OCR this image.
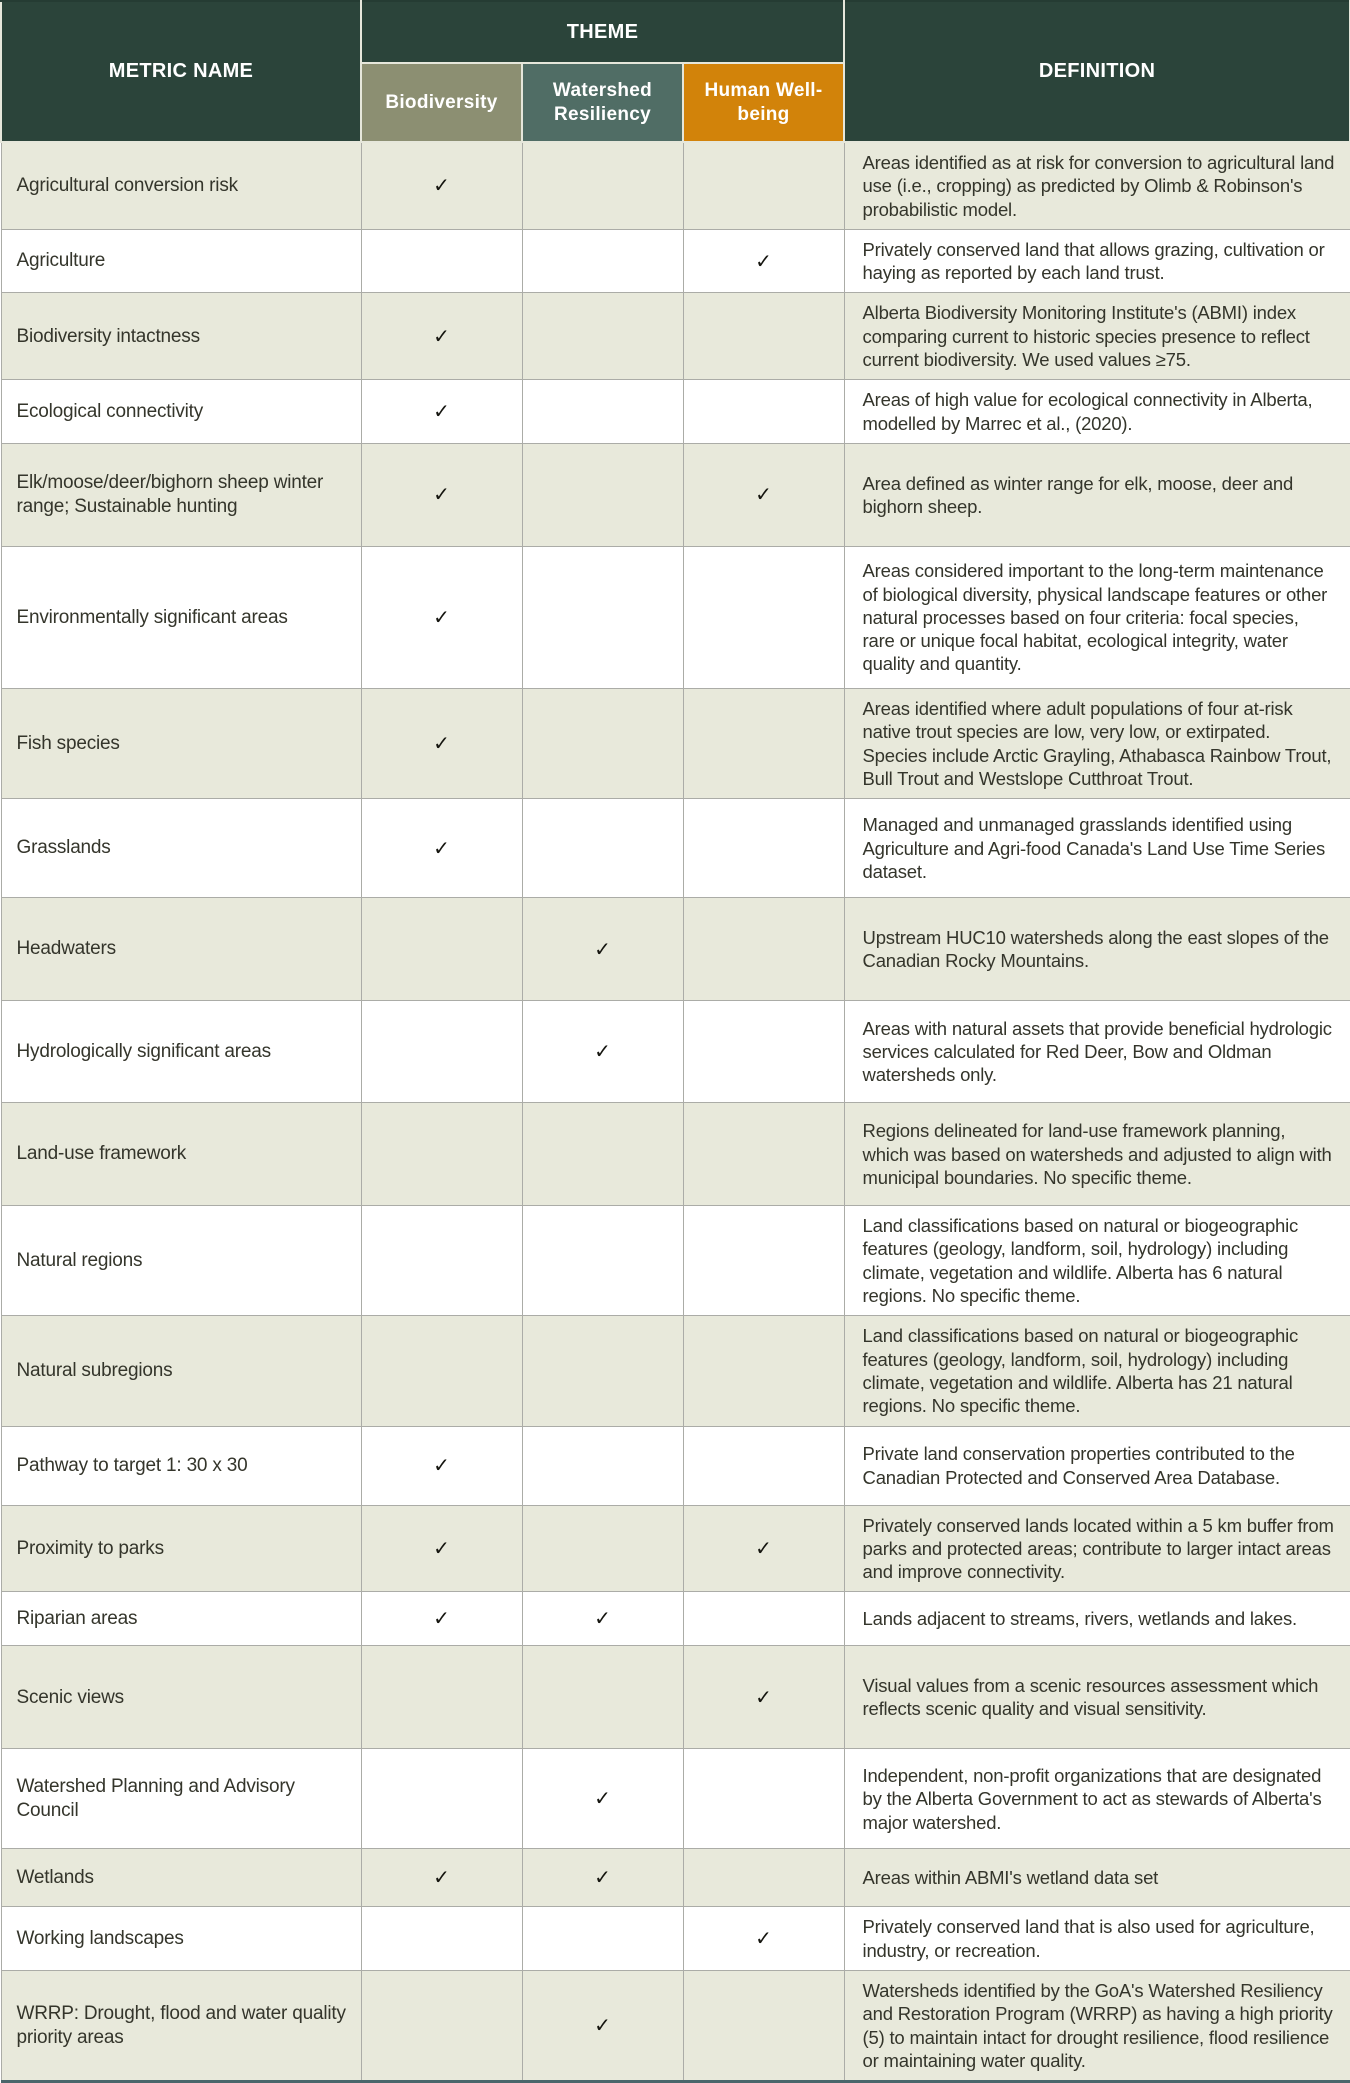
METRIC NAME	THEME			DEFINITION
	Biodiversity	Watershed Resiliency	Human Well-being	
Agricultural conversion risk	✓			Areas identified as at risk for conversion to agricultural land use (i.e., cropping) as predicted by Olimb & Robinson's probabilistic model.
Agriculture			✓	Privately conserved land that allows grazing, cultivation or haying as reported by each land trust.
Biodiversity intactness	✓			Alberta Biodiversity Monitoring Institute's (ABMI) index comparing current to historic species presence to reflect current biodiversity. We used values ≥75.
Ecological connectivity	✓			Areas of high value for ecological connectivity in Alberta, modelled by Marrec et al., (2020).
Elk/moose/deer/bighorn sheep winter range; Sustainable hunting	✓		✓	Area defined as winter range for elk, moose, deer and bighorn sheep.
Environmentally significant areas	✓			Areas considered important to the long-term maintenance of biological diversity, physical landscape features or other natural processes based on four criteria: focal species, rare or unique focal habitat, ecological integrity, water quality and quantity.
Fish species	✓			Areas identified where adult populations of four at-risk native trout species are low, very low, or extirpated. Species include Arctic Grayling, Athabasca Rainbow Trout, Bull Trout and Westslope Cutthroat Trout.
Grasslands	✓			Managed and unmanaged grasslands identified using Agriculture and Agri-food Canada's Land Use Time Series dataset.
Headwaters		✓		Upstream HUC10 watersheds along the east slopes of the Canadian Rocky Mountains.
Hydrologically significant areas		✓		Areas with natural assets that provide beneficial hydrologic services calculated for Red Deer, Bow and Oldman watersheds only.
Land-use framework				Regions delineated for land-use framework planning, which was based on watersheds and adjusted to align with municipal boundaries. No specific theme.
Natural regions				Land classifications based on natural or biogeographic features (geology, landform, soil, hydrology) including climate, vegetation and wildlife. Alberta has 6 natural regions. No specific theme.
Natural subregions				Land classifications based on natural or biogeographic features (geology, landform, soil, hydrology) including climate, vegetation and wildlife. Alberta has 21 natural regions. No specific theme.
Pathway to target 1: 30 x 30	✓			Private land conservation properties contributed to the Canadian Protected and Conserved Area Database.
Proximity to parks	✓		✓	Privately conserved lands located within a 5 km buffer from parks and protected areas; contribute to larger intact areas and improve connectivity.
Riparian areas	✓	✓		Lands adjacent to streams, rivers, wetlands and lakes.
Scenic views			✓	Visual values from a scenic resources assessment which reflects scenic quality and visual sensitivity.
Watershed Planning and Advisory Council		✓		Independent, non-profit organizations that are designated by the Alberta Government to act as stewards of Alberta's major watershed.
Wetlands	✓	✓		Areas within ABMI's wetland data set
Working landscapes			✓	Privately conserved land that is also used for agriculture, industry, or recreation.
WRRP: Drought, flood and water quality priority areas		✓		Watersheds identified by the GoA's Watershed Resiliency and Restoration Program (WRRP) as having a high priority (5) to maintain intact for drought resilience, flood resilience or maintaining water quality.
